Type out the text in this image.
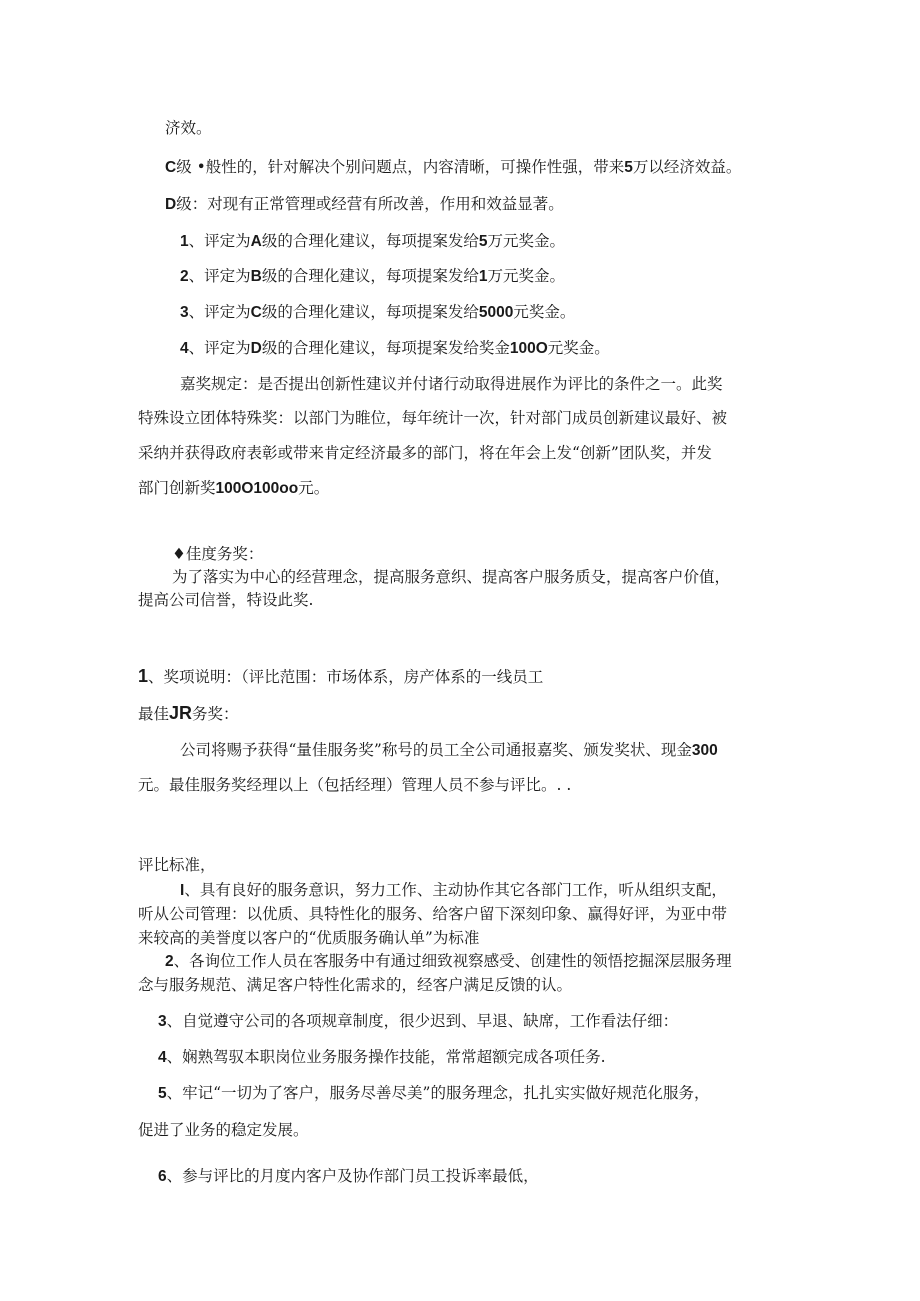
济效。
C级 •般性的，针对解决个别问题点，内容清晰，可操作性强，带来5万以经济效益。
D级：对现有正常管理或经营有所改善，作用和效益显著。
1、评定为A级的合理化建议，每项提案发给5万元奖金。
2、评定为B级的合理化建议，每项提案发给1万元奖金。
3、评定为C级的合理化建议，每项提案发给5000元奖金。
4、评定为D级的合理化建议，每项提案发给奖金100O元奖金。
嘉奖规定：是否提出创新性建议并付诸行动取得进展作为评比的条件之一。此奖
特殊设立团体特殊奖：以部门为睢位，每年统计一次，针对部门成员创新建议最好、被
采纳并获得政府表彰或带来肯定经济最多的部门，将在年会上发“创新”团队奖，并发
部门创新奖100O100oo元。
♦佳度务奖：
为了落实为中心的经营理念，提高服务意织、提高客户服务质殳，提高客户价值，
提高公司信誉，特设此奖.
1、奖项说明：（评比范围：市场体系，房产体系的一线员工
最佳JR务奖：
公司将赐予获得“量佳服务奖”称号的员工全公司通报嘉奖、颁发奖状、现金300
元。最佳服务奖经理以上（包括经理）管理人员不参与评比。. .
评比标准，
I、具有良好的服务意识，努力工作、主动协作其它各部门工作，听从组织支配，
听从公司管理：以优质、具特性化的服务、给客户留下深刻印象、赢得好评，为亚中带
来较高的美誉度以客户的“优质服务确认单”为标准
2、各询位工作人员在客服务中有通过细致视察感受、创建性的领悟挖掘深层服务理
念与服务规范、满足客户特性化需求的，经客户满足反馈的认。
3、自觉遵守公司的各项规章制度，很少迟到、早退、缺席，工作看法仔细：
4、娴熟驾驭本职岗位业务服务操作技能，常常超额完成各项任务.
5、牢记“一切为了客户，服务尽善尽美”的服务理念，扎扎实实做好规范化服务，
促进了业务的稳定发展。
6、参与评比的月度内客户及协作部门员工投诉率最低，
